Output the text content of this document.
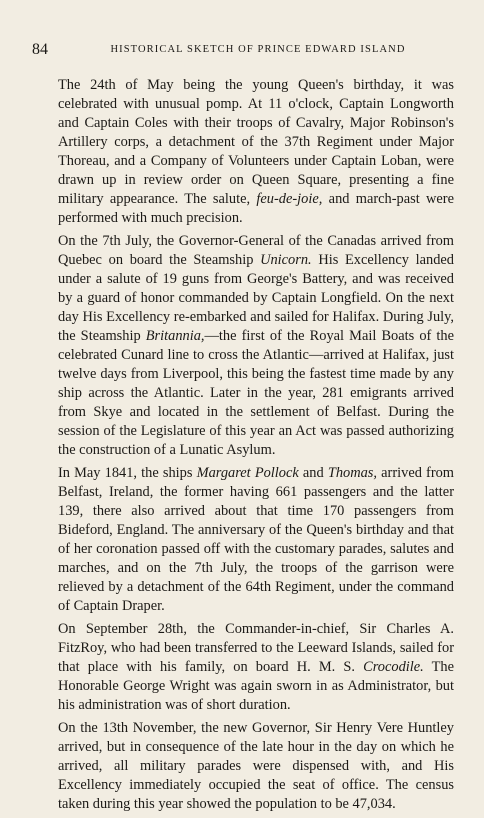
84	HISTORICAL SKETCH OF PRINCE EDWARD ISLAND

The 24th of May being the young Queen's birthday, it was celebrated with unusual pomp. At 11 o'clock, Captain Longworth and Captain Coles with their troops of Cavalry, Major Robinson's Artillery corps, a detachment of the 37th Regiment under Major Thoreau, and a Company of Volunteers under Captain Loban, were drawn up in review order on Queen Square, presenting a fine military appearance. The salute, feu-de-joie, and march-past were performed with much precision.

On the 7th July, the Governor-General of the Canadas arrived from Quebec on board the Steamship Unicorn. His Excellency landed under a salute of 19 guns from George's Battery, and was received by a guard of honor commanded by Captain Longfield. On the next day His Excellency re-embarked and sailed for Halifax. During July, the Steamship Britannia,—the first of the Royal Mail Boats of the celebrated Cunard line to cross the Atlantic—arrived at Halifax, just twelve days from Liverpool, this being the fastest time made by any ship across the Atlantic. Later in the year, 281 emigrants arrived from Skye and located in the settlement of Belfast. During the session of the Legislature of this year an Act was passed authorizing the construction of a Lunatic Asylum.

In May 1841, the ships Margaret Pollock and Thomas, arrived from Belfast, Ireland, the former having 661 passengers and the latter 139, there also arrived about that time 170 passengers from Bideford, England. The anniversary of the Queen's birthday and that of her coronation passed off with the customary parades, salutes and marches, and on the 7th July, the troops of the garrison were relieved by a detachment of the 64th Regiment, under the command of Captain Draper.

On September 28th, the Commander-in-chief, Sir Charles A. FitzRoy, who had been transferred to the Leeward Islands, sailed for that place with his family, on board H. M. S. Crocodile. The Honorable George Wright was again sworn in as Administrator, but his administration was of short duration.

On the 13th November, the new Governor, Sir Henry Vere Huntley arrived, but in consequence of the late hour in the day on which he arrived, all military parades were dispensed with, and His Excellency immediately occupied the seat of office. The census taken during this year showed the population to be 47,034.
